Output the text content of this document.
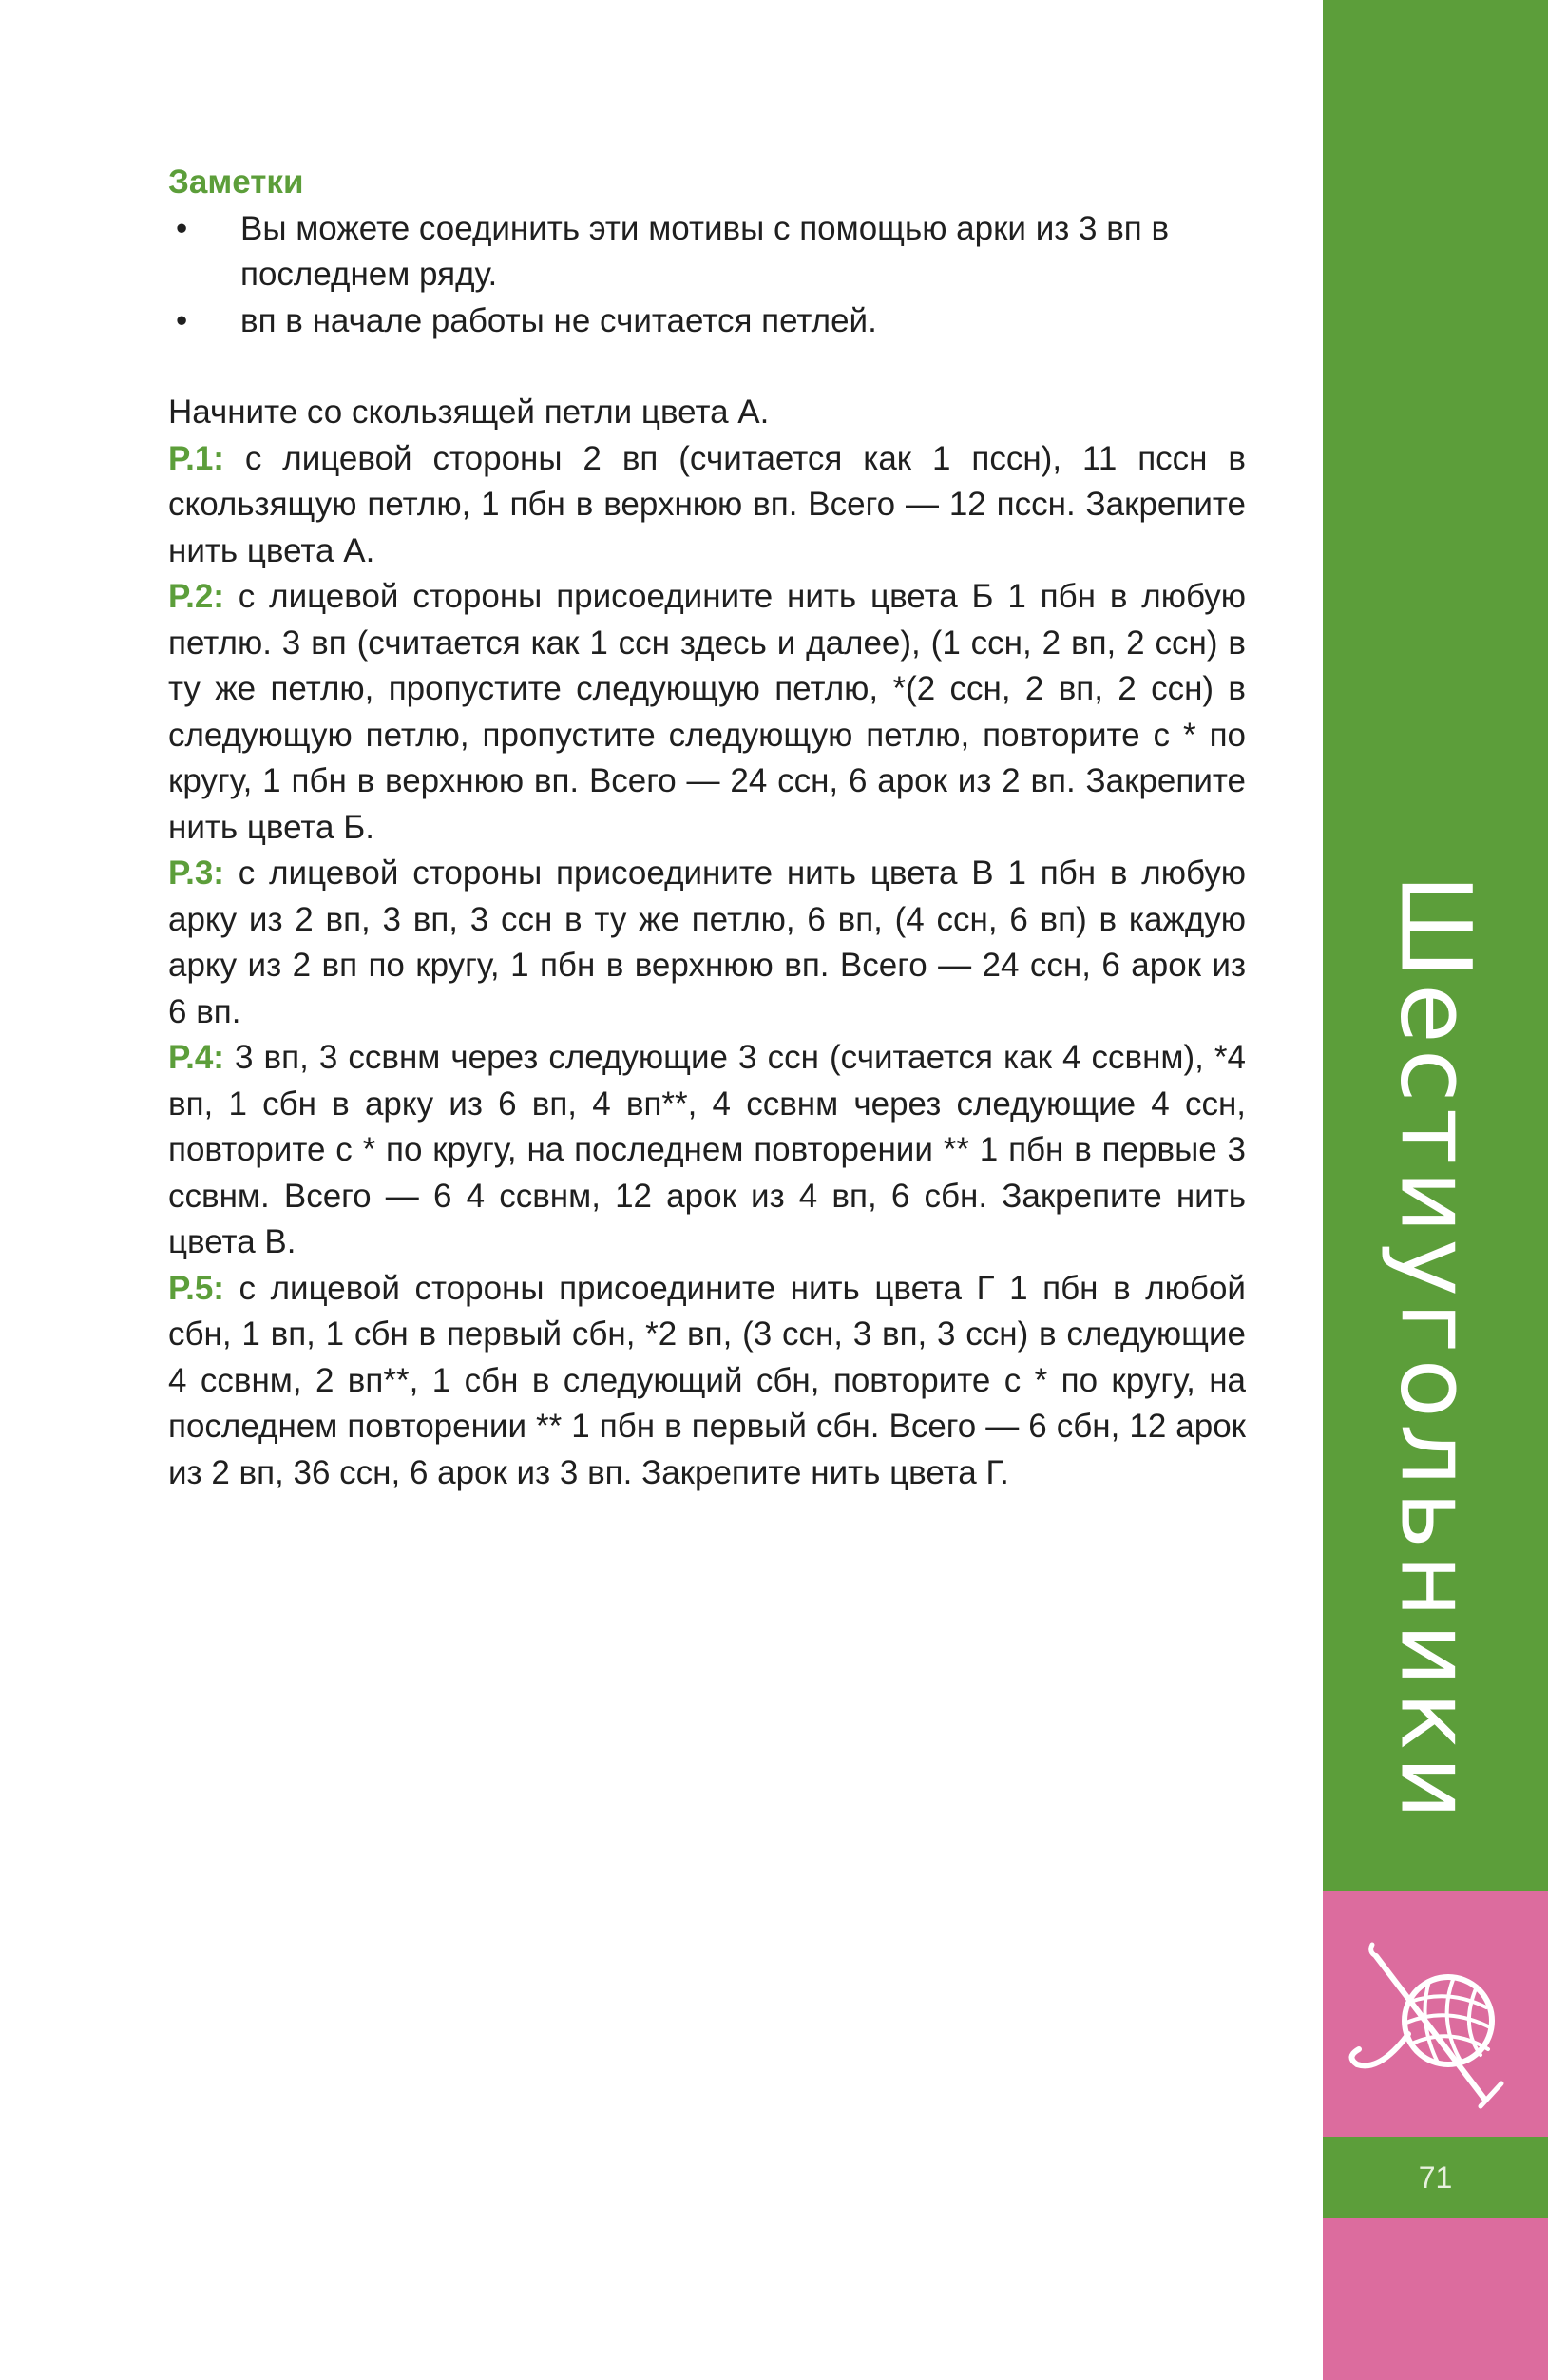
Заметки

• Вы можете соединить эти мотивы с помощью арки из 3 вп в последнем ряду.
• вп в начале работы не считается петлей.

Начните со скользящей петли цвета А.

Р.1: с лицевой стороны 2 вп (считается как 1 пссн), 11 пссн в скользящую петлю, 1 пбн в верхнюю вп. Всего — 12 пссн. Закрепите нить цвета А.

Р.2: с лицевой стороны присоедините нить цвета Б 1 пбн в любую петлю. 3 вп (считается как 1 ссн здесь и далее), (1 ссн, 2 вп, 2 ссн) в ту же петлю, пропустите следующую петлю, *(2 ссн, 2 вп, 2 ссн) в следующую петлю, пропустите следующую петлю, повторите с * по кругу, 1 пбн в верхнюю вп. Всего — 24 ссн, 6 арок из 2 вп. Закрепите нить цвета Б.

Р.3: с лицевой стороны присоедините нить цвета В 1 пбн в любую арку из 2 вп, 3 вп, 3 ссн в ту же петлю, 6 вп, (4 ссн, 6 вп) в каждую арку из 2 вп по кругу, 1 пбн в верхнюю вп. Всего — 24 ссн, 6 арок из 6 вп.

Р.4: 3 вп, 3 ссвнм через следующие 3 ссн (считается как 4 ссвнм), *4 вп, 1 сбн в арку из 6 вп, 4 вп**, 4 ссвнм через следующие 4 ссн, повторите с * по кругу, на последнем повторении ** 1 пбн в первые 3 ссвнм. Всего — 6 4 ссвнм, 12 арок из 4 вп, 6 сбн. Закрепите нить цвета В.

Р.5: с лицевой стороны присоедините нить цвета Г 1 пбн в любой сбн, 1 вп, 1 сбн в первый сбн, *2 вп, (3 ссн, 3 вп, 3 ссн) в следующие 4 ссвнм, 2 вп**, 1 сбн в следующий сбн, повторите с * по кругу, на последнем повторении ** 1 пбн в первый сбн. Всего — 6 сбн, 12 арок из 2 вп, 36 ссн, 6 арок из 3 вп. Закрепите нить цвета Г.	Шестиугольники
71
